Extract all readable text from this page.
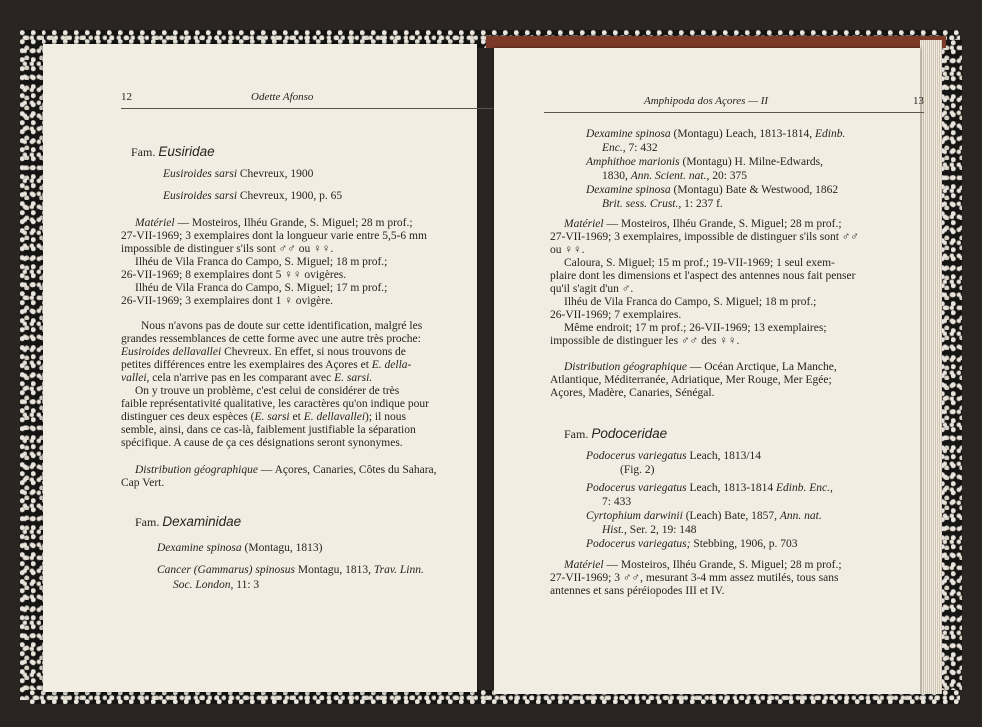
12	Odette Afonso
Fam. Eusiridae
Eusiroides sarsi Chevreux, 1900
Eusiroides sarsi Chevreux, 1900, p. 65
Matériel — Mosteiros, Ilhéu Grande, S. Miguel; 28 m prof.;
27-VII-1969; 3 exemplaires dont la longueur varie entre 5,5-6 mm
impossible de distinguer s'ils sont ♂♂ ou ♀♀.
Ilhéu de Vila Franca do Campo, S. Miguel; 18 m prof.;
26-VII-1969; 8 exemplaires dont 5 ♀♀ ovigères.
Ilhéu de Vila Franca do Campo, S. Miguel; 17 m prof.;
26-VII-1969; 3 exemplaires dont 1 ♀ ovigère.
Nous n'avons pas de doute sur cette identification, malgré les
grandes ressemblances de cette forme avec une autre très proche:
Eusiroides dellavallei Chevreux. En effet, si nous trouvons de
petites différences entre les exemplaires des Açores et E. della-
vallei, cela n'arrive pas en les comparant avec E. sarsi.
On y trouve un problème, c'est celui de considérer de très
faible représentativité qualitative, les caractères qu'on indique pour
distinguer ces deux espèces (E. sarsi et E. dellavallei); il nous
semble, ainsi, dans ce cas-là, faiblement justifiable la séparation
spécifique. A cause de ça ces désignations seront synonymes.
Distribution géographique — Açores, Canaries, Côtes du Sahara,
Cap Vert.
Fam. Dexaminidae
Dexamine spinosa (Montagu, 1813)
Cancer (Gammarus) spinosus Montagu, 1813, Trav. Linn.
Soc. London, 11: 3
Amphipoda dos Açores — II	13
Dexamine spinosa (Montagu) Leach, 1813-1814, Edinb.
Enc., 7: 432
Amphithoe marionis (Montagu) H. Milne-Edwards,
1830, Ann. Scient. nat., 20: 375
Dexamine spinosa (Montagu) Bate & Westwood, 1862
Brit. sess. Crust., 1: 237 f.
Matériel — Mosteiros, Ilhéu Grande, S. Miguel; 28 m prof.;
27-VII-1969; 3 exemplaires, impossible de distinguer s'ils sont ♂♂
ou ♀♀.
Caloura, S. Miguel; 15 m prof.; 19-VII-1969; 1 seul exem-
plaire dont les dimensions et l'aspect des antennes nous fait penser
qu'il s'agit d'un ♂.
Ilhéu de Vila Franca do Campo, S. Miguel; 18 m prof.;
26-VII-1969; 7 exemplaires.
Même endroit; 17 m prof.; 26-VII-1969; 13 exemplaires;
impossible de distinguer les ♂♂ des ♀♀.
Distribution géographique — Océan Arctique, La Manche,
Atlantique, Méditerranée, Adriatique, Mer Rouge, Mer Egée;
Açores, Madère, Canaries, Sénégal.
Fam. Podoceridae
Podocerus variegatus Leach, 1813/14
(Fig. 2)
Podocerus variegatus Leach, 1813-1814 Edinb. Enc.,
7: 433
Cyrtophium darwinii (Leach) Bate, 1857, Ann. nat.
Hist., Ser. 2, 19: 148
Podocerus variegatus; Stebbing, 1906, p. 703
Matériel — Mosteiros, Ilhéu Grande, S. Miguel; 28 m prof.;
27-VII-1969; 3 ♂♂, mesurant 3-4 mm assez mutilés, tous sans
antennes et sans péréiopodes III et IV.
